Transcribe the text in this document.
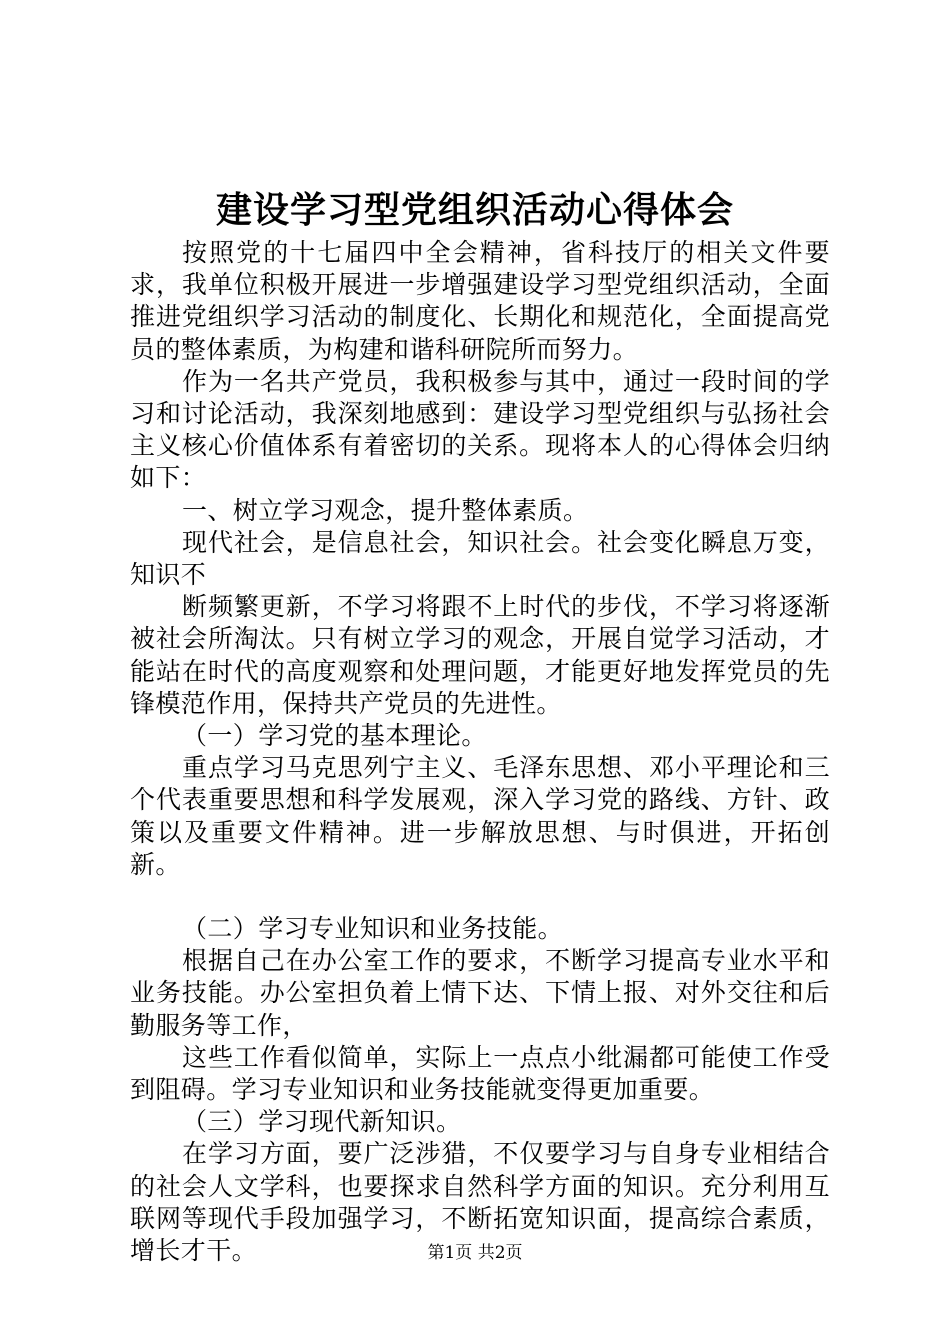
建设学习型党组织活动心得体会

按照党的十七届四中全会精神，省科技厅的相关文件要求，我单位积极开展进一步增强建设学习型党组织活动，全面推进党组织学习活动的制度化、长期化和规范化，全面提高党员的整体素质，为构建和谐科研院所而努力。

作为一名共产党员，我积极参与其中，通过一段时间的学习和讨论活动，我深刻地感到：建设学习型党组织与弘扬社会主义核心价值体系有着密切的关系。现将本人的心得体会归纳如下：

一、树立学习观念，提升整体素质。

现代社会，是信息社会，知识社会。社会变化瞬息万变，知识不

断频繁更新，不学习将跟不上时代的步伐，不学习将逐渐被社会所淘汰。只有树立学习的观念，开展自觉学习活动，才能站在时代的高度观察和处理问题，才能更好地发挥党员的先锋模范作用，保持共产党员的先进性。

（一）学习党的基本理论。

重点学习马克思列宁主义、毛泽东思想、邓小平理论和三个代表重要思想和科学发展观，深入学习党的路线、方针、政策以及重要文件精神。进一步解放思想、与时俱进，开拓创新。

（二）学习专业知识和业务技能。

根据自己在办公室工作的要求，不断学习提高专业水平和业务技能。办公室担负着上情下达、下情上报、对外交往和后勤服务等工作，

这些工作看似简单，实际上一点点小纰漏都可能使工作受到阻碍。学习专业知识和业务技能就变得更加重要。

（三）学习现代新知识。

在学习方面，要广泛涉猎，不仅要学习与自身专业相结合的社会人文学科，也要探求自然科学方面的知识。充分利用互联网等现代手段加强学习，不断拓宽知识面，提高综合素质，增长才干。	第1页 共2页
